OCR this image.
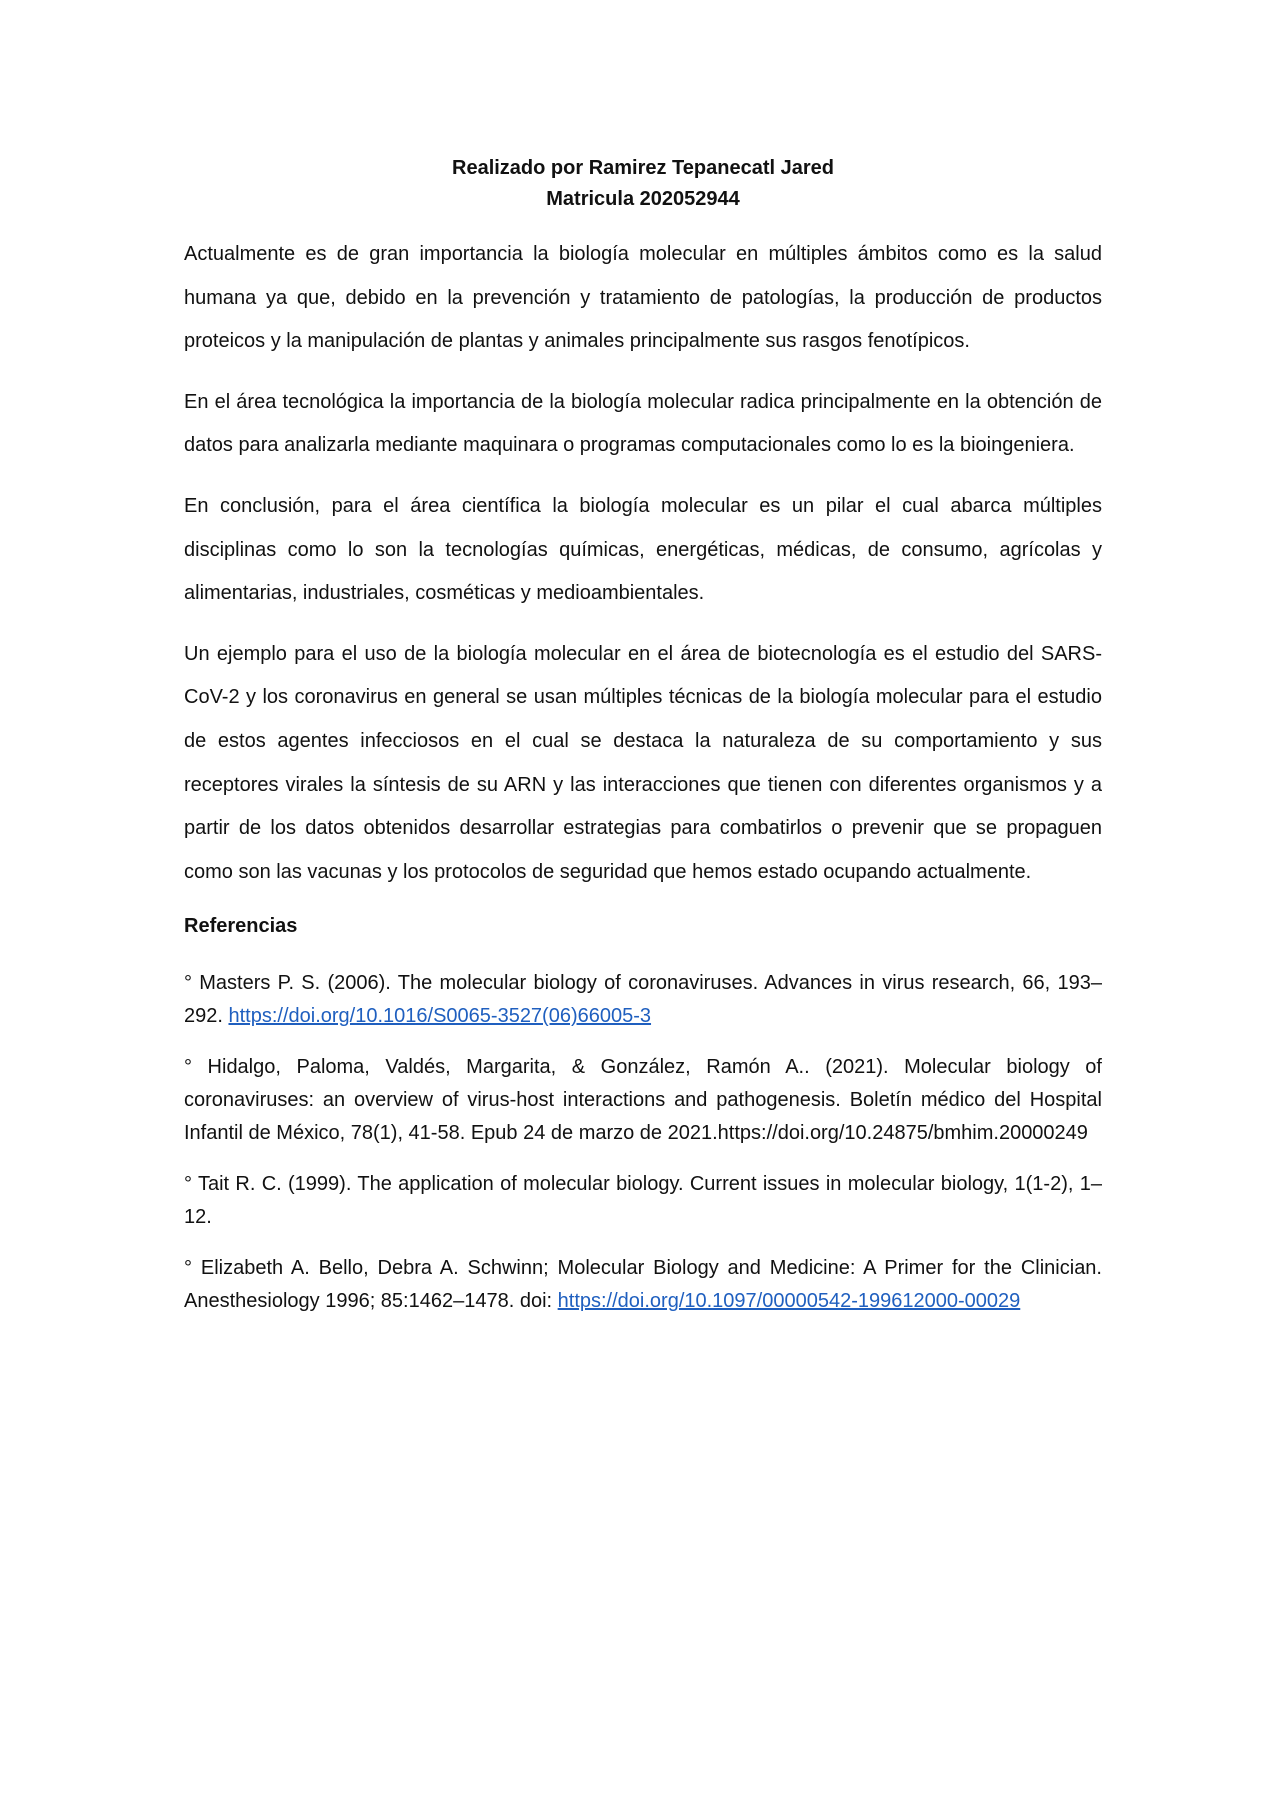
Realizado por Ramirez Tepanecatl Jared
Matricula 202052944

Actualmente es de gran importancia la biología molecular en múltiples ámbitos como es la salud humana ya que, debido en la prevención y tratamiento de patologías, la producción de productos proteicos y la manipulación de plantas y animales principalmente sus rasgos fenotípicos.

En el área tecnológica la importancia de la biología molecular radica principalmente en la obtención de datos para analizarla mediante maquinara o programas computacionales como lo es la bioingeniera.

En conclusión, para el área científica la biología molecular es un pilar el cual abarca múltiples disciplinas como lo son la tecnologías químicas, energéticas, médicas, de consumo, agrícolas y alimentarias, industriales, cosméticas y medioambientales.

Un ejemplo para el uso de la biología molecular en el área de biotecnología es el estudio del SARS-CoV-2 y los coronavirus en general se usan múltiples técnicas de la biología molecular para el estudio de estos agentes infecciosos en el cual se destaca la naturaleza de su comportamiento y sus receptores virales la síntesis de su ARN y las interacciones que tienen con diferentes organismos y a partir de los datos obtenidos desarrollar estrategias para combatirlos o prevenir que se propaguen como son las vacunas y los protocolos de seguridad que hemos estado ocupando actualmente.

Referencias

° Masters P. S. (2006). The molecular biology of coronaviruses. Advances in virus research, 66, 193–292. https://doi.org/10.1016/S0065-3527(06)66005-3

° Hidalgo, Paloma, Valdés, Margarita, & González, Ramón A.. (2021). Molecular biology of coronaviruses: an overview of virus-host interactions and pathogenesis. Boletín médico del Hospital Infantil de México, 78(1), 41-58. Epub 24 de marzo de 2021.https://doi.org/10.24875/bmhim.20000249

° Tait R. C. (1999). The application of molecular biology. Current issues in molecular biology, 1(1-2), 1–12.

° Elizabeth A. Bello, Debra A. Schwinn; Molecular Biology and Medicine: A Primer for the Clinician. Anesthesiology 1996; 85:1462–1478. doi: https://doi.org/10.1097/00000542-199612000-00029
